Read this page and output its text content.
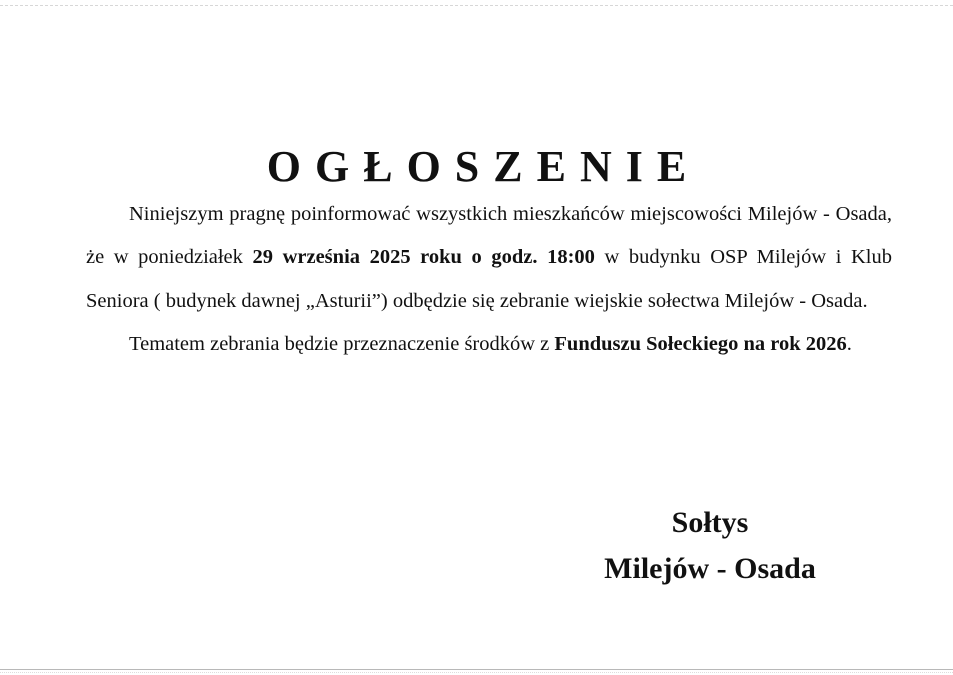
OGŁOSZENIE

Niniejszym pragnę poinformować wszystkich mieszkańców miejscowości Milejów - Osada, że w poniedziałek 29 września 2025 roku o godz. 18:00 w budynku OSP Milejów i Klub Seniora ( budynek dawnej „Asturii”) odbędzie się zebranie wiejskie sołectwa Milejów - Osada.

Tematem zebrania będzie przeznaczenie środków z Funduszu Sołeckiego na rok 2026.

Sołtys
Milejów - Osada
